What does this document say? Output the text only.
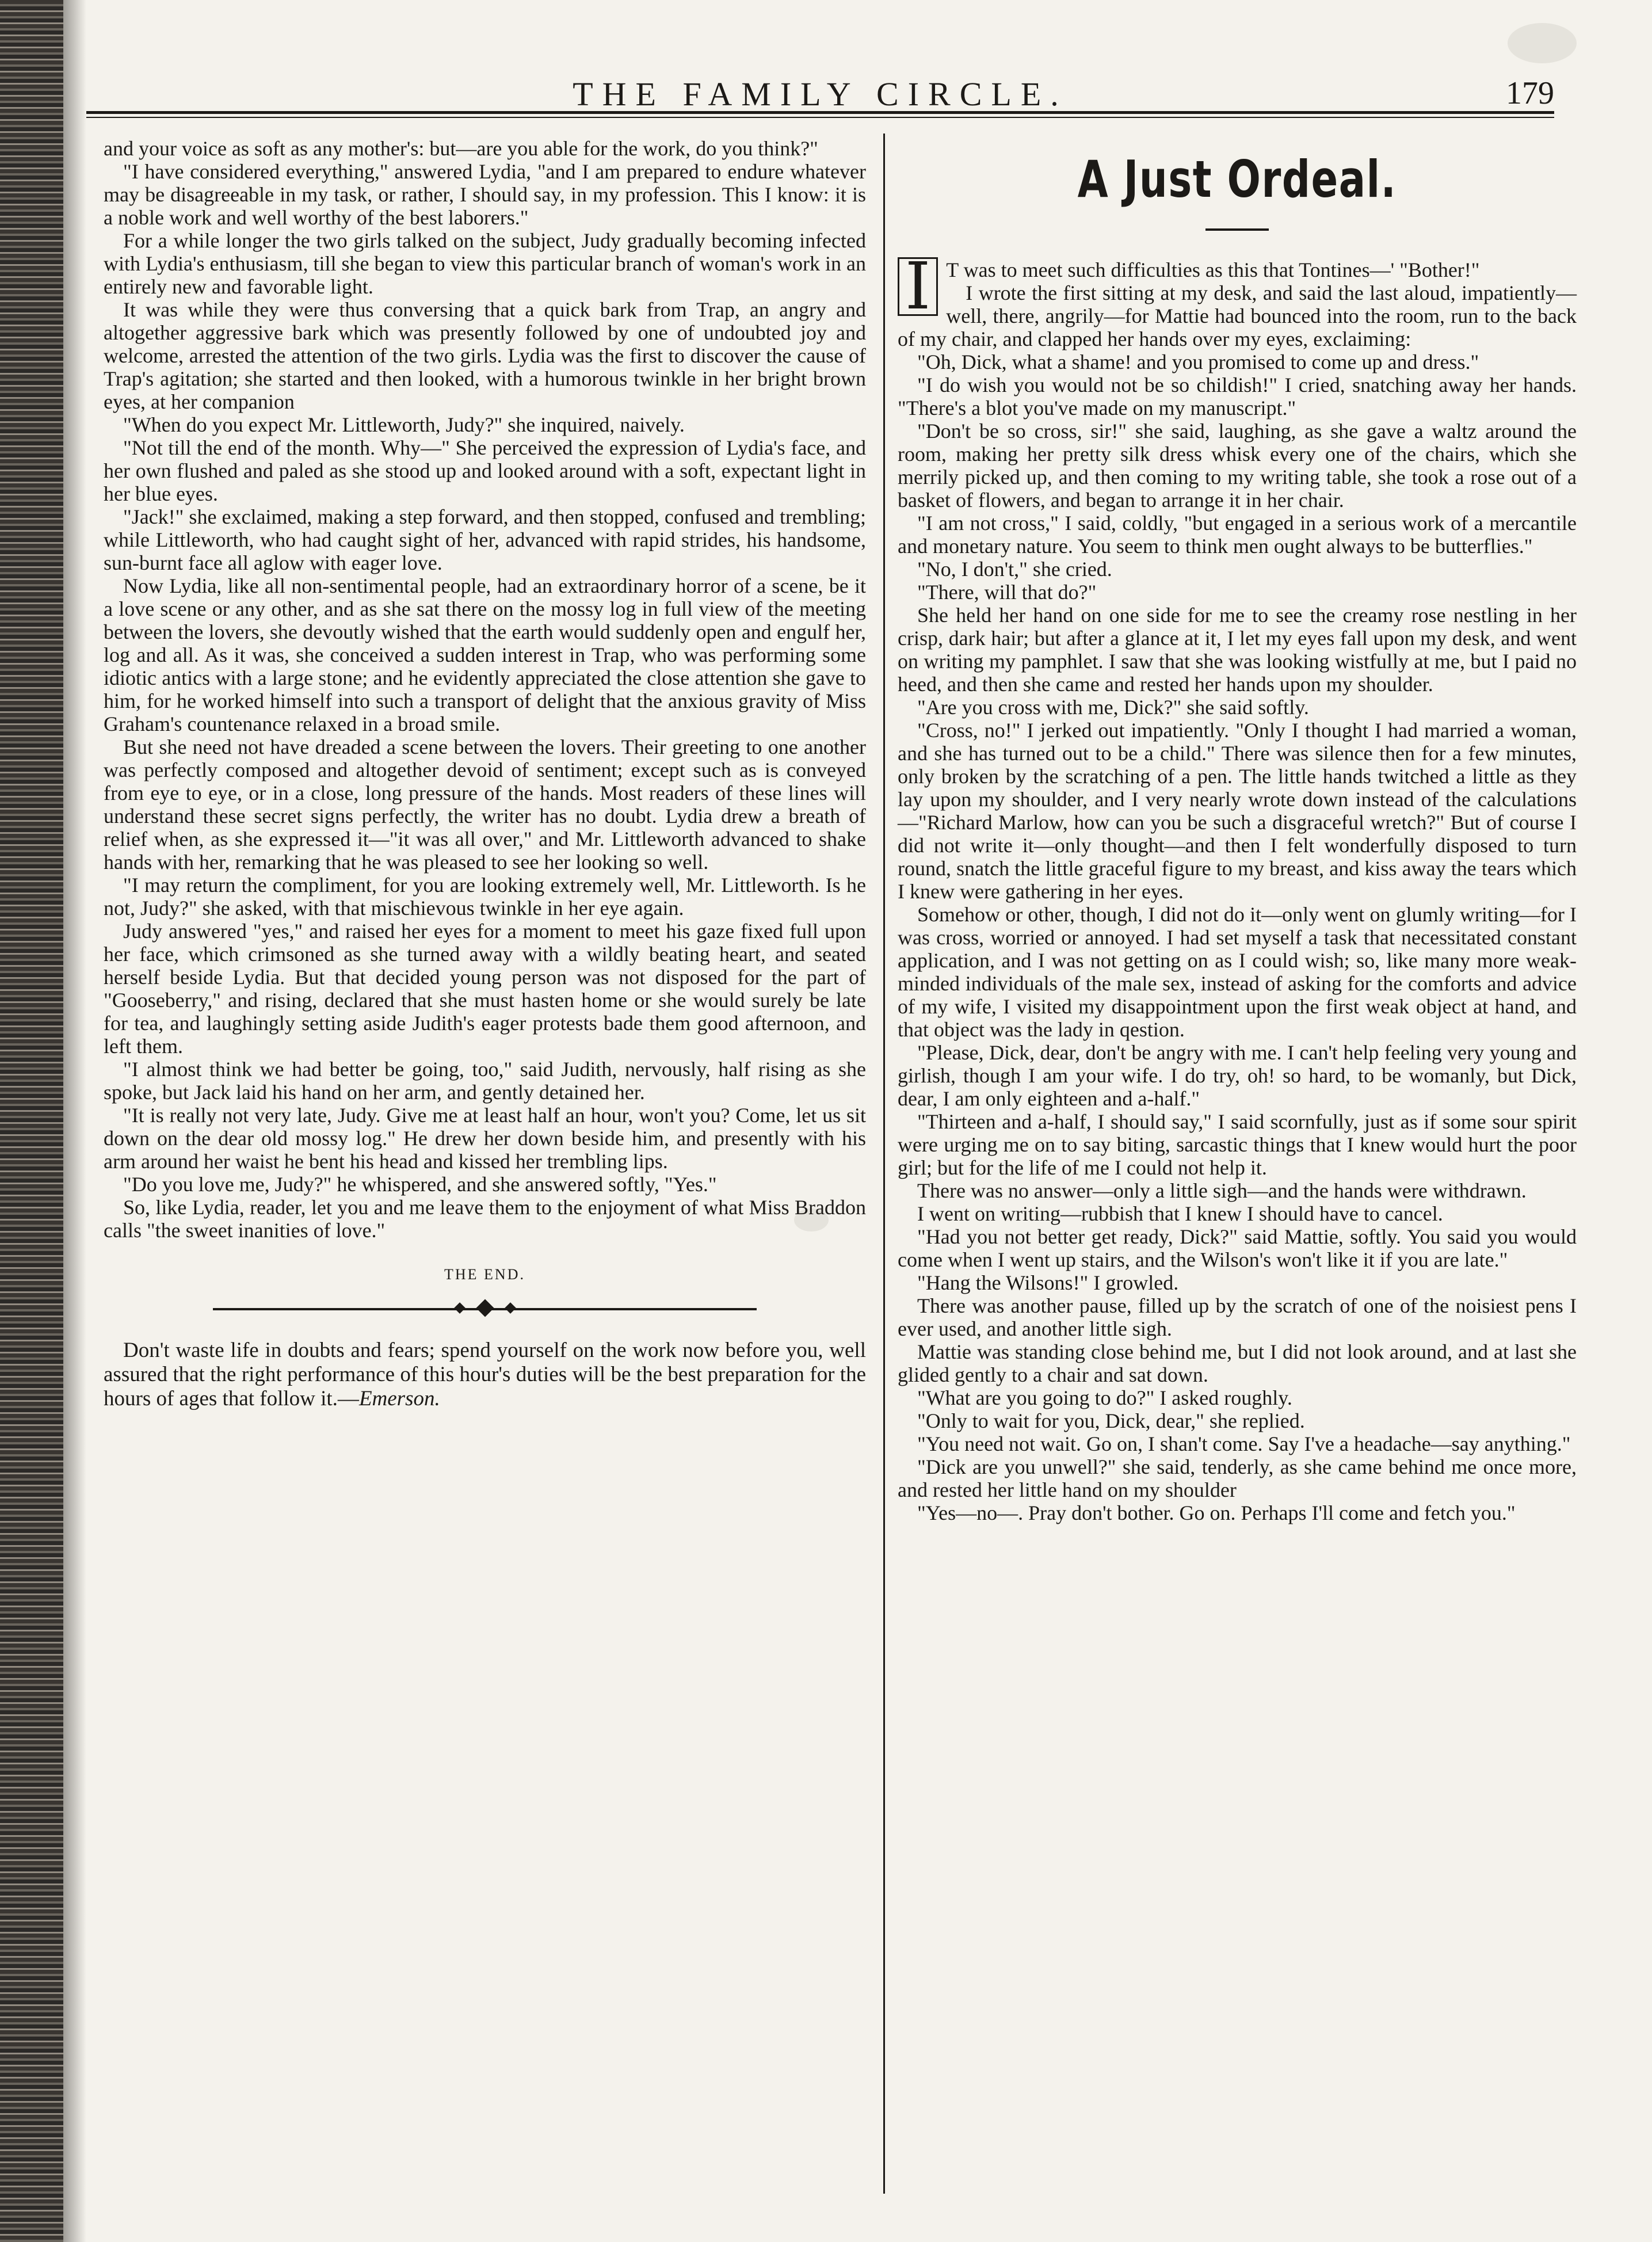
THE FAMILY CIRCLE.	179

and your voice as soft as any mother's: but—are you able for the work, do you think?"

"I have considered everything," answered Lydia, "and I am prepared to endure whatever may be disagreeable in my task, or rather, I should say, in my profession. This I know: it is a noble work and well worthy of the best laborers."

For a while longer the two girls talked on the subject, Judy gradually becoming infected with Lydia's enthusiasm, till she began to view this particular branch of woman's work in an entirely new and favorable light.

It was while they were thus conversing that a quick bark from Trap, an angry and altogether aggressive bark which was presently followed by one of undoubted joy and welcome, arrested the attention of the two girls. Lydia was the first to discover the cause of Trap's agitation; she started and then looked, with a humorous twinkle in her bright brown eyes, at her companion

"When do you expect Mr. Littleworth, Judy?" she inquired, naively.

"Not till the end of the month. Why—" She perceived the expression of Lydia's face, and her own flushed and paled as she stood up and looked around with a soft, expectant light in her blue eyes.

"Jack!" she exclaimed, making a step forward, and then stopped, confused and trembling; while Littleworth, who had caught sight of her, advanced with rapid strides, his handsome, sun-burnt face all aglow with eager love.

Now Lydia, like all non-sentimental people, had an extraordinary horror of a scene, be it a love scene or any other, and as she sat there on the mossy log in full view of the meeting between the lovers, she devoutly wished that the earth would suddenly open and engulf her, log and all. As it was, she conceived a sudden interest in Trap, who was performing some idiotic antics with a large stone; and he evidently appreciated the close attention she gave to him, for he worked himself into such a transport of delight that the anxious gravity of Miss Graham's countenance relaxed in a broad smile.

But she need not have dreaded a scene between the lovers. Their greeting to one another was perfectly composed and altogether devoid of sentiment; except such as is conveyed from eye to eye, or in a close, long pressure of the hands. Most readers of these lines will understand these secret signs perfectly, the writer has no doubt. Lydia drew a breath of relief when, as she expressed it—"it was all over," and Mr. Littleworth advanced to shake hands with her, remarking that he was pleased to see her looking so well.

"I may return the compliment, for you are looking extremely well, Mr. Littleworth. Is he not, Judy?" she asked, with that mischievous twinkle in her eye again.

Judy answered "yes," and raised her eyes for a moment to meet his gaze fixed full upon her face, which crimsoned as she turned away with a wildly beating heart, and seated herself beside Lydia. But that decided young person was not disposed for the part of "Gooseberry," and rising, declared that she must hasten home or she would surely be late for tea, and laughingly setting aside Judith's eager protests bade them good afternoon, and left them.

"I almost think we had better be going, too," said Judith, nervously, half rising as she spoke, but Jack laid his hand on her arm, and gently detained her.

"It is really not very late, Judy. Give me at least half an hour, won't you? Come, let us sit down on the dear old mossy log." He drew her down beside him, and presently with his arm around her waist he bent his head and kissed her trembling lips.

"Do you love me, Judy?" he whispered, and she answered softly, "Yes."

So, like Lydia, reader, let you and me leave them to the enjoyment of what Miss Braddon calls "the sweet inanities of love."

THE END.

Don't waste life in doubts and fears; spend yourself on the work now before you, well assured that the right performance of this hour's duties will be the best preparation for the hours of ages that follow it.—Emerson.

A Just Ordeal.
I T was to meet such difficulties as this that Tontines—' "Bother!"

I wrote the first sitting at my desk, and said the last aloud, impatiently—well, there, angrily—for Mattie had bounced into the room, run to the back of my chair, and clapped her hands over my eyes, exclaiming:

"Oh, Dick, what a shame! and you promised to come up and dress."

"I do wish you would not be so childish!" I cried, snatching away her hands. "There's a blot you've made on my manuscript."

"Don't be so cross, sir!" she said, laughing, as she gave a waltz around the room, making her pretty silk dress whisk every one of the chairs, which she merrily picked up, and then coming to my writing table, she took a rose out of a basket of flowers, and began to arrange it in her chair.

"I am not cross," I said, coldly, "but engaged in a serious work of a mercantile and monetary nature. You seem to think men ought always to be butterflies."

"No, I don't," she cried.

"There, will that do?"

She held her hand on one side for me to see the creamy rose nestling in her crisp, dark hair; but after a glance at it, I let my eyes fall upon my desk, and went on writing my pamphlet. I saw that she was looking wistfully at me, but I paid no heed, and then she came and rested her hands upon my shoulder.

"Are you cross with me, Dick?" she said softly.

"Cross, no!" I jerked out impatiently. "Only I thought I had married a woman, and she has turned out to be a child." There was silence then for a few minutes, only broken by the scratching of a pen. The little hands twitched a little as they lay upon my shoulder, and I very nearly wrote down instead of the calculations—"Richard Marlow, how can you be such a disgraceful wretch?" But of course I did not write it—only thought—and then I felt wonderfully disposed to turn round, snatch the little graceful figure to my breast, and kiss away the tears which I knew were gathering in her eyes.

Somehow or other, though, I did not do it—only went on glumly writing—for I was cross, worried or annoyed. I had set myself a task that necessitated constant application, and I was not getting on as I could wish; so, like many more weak-minded individuals of the male sex, instead of asking for the comforts and advice of my wife, I visited my disappointment upon the first weak object at hand, and that object was the lady in qestion.

"Please, Dick, dear, don't be angry with me. I can't help feeling very young and girlish, though I am your wife. I do try, oh! so hard, to be womanly, but Dick, dear, I am only eighteen and a-half."

"Thirteen and a-half, I should say," I said scornfully, just as if some sour spirit were urging me on to say biting, sarcastic things that I knew would hurt the poor girl; but for the life of me I could not help it.

There was no answer—only a little sigh—and the hands were withdrawn.

I went on writing—rubbish that I knew I should have to cancel.

"Had you not better get ready, Dick?" said Mattie, softly. You said you would come when I went up stairs, and the Wilson's won't like it if you are late."

"Hang the Wilsons!" I growled.

There was another pause, filled up by the scratch of one of the noisiest pens I ever used, and another little sigh.

Mattie was standing close behind me, but I did not look around, and at last she glided gently to a chair and sat down.

"What are you going to do?" I asked roughly.

"Only to wait for you, Dick, dear," she replied.

"You need not wait. Go on, I shan't come. Say I've a headache—say anything."

"Dick are you unwell?" she said, tenderly, as she came behind me once more, and rested her little hand on my shoulder

"Yes—no—. Pray don't bother. Go on. Perhaps I'll come and fetch you."
